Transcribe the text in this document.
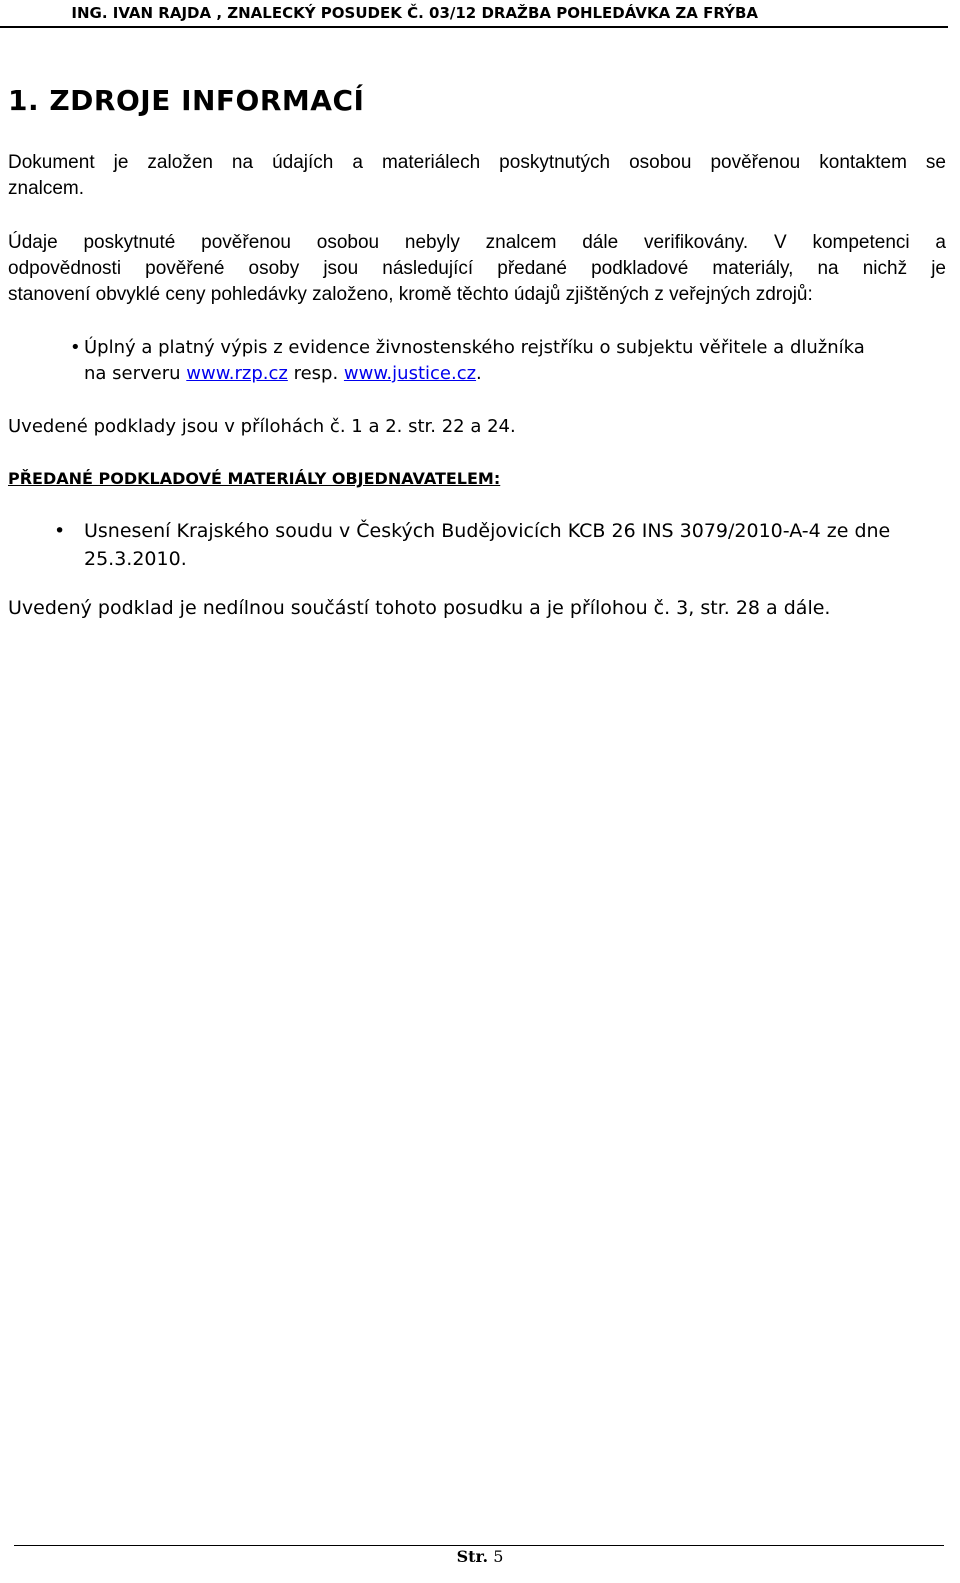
ING. IVAN RAJDA , ZNALECKÝ POSUDEK Č. 03/12 DRAŽBA POHLEDÁVKA ZA FRÝBA
1. ZDROJE INFORMACÍ
Dokument je založen na údajích a materiálech poskytnutých osobou pověřenou kontaktem se
znalcem.
Údaje poskytnuté pověřenou osobou nebyly znalcem dále verifikovány. V kompetenci a
odpovědnosti pověřené osoby jsou následující předané podkladové materiály, na nichž je
stanovení obvyklé ceny pohledávky založeno, kromě těchto údajů zjištěných z veřejných zdrojů:
• Úplný a platný výpis z evidence živnostenského rejstříku o subjektu věřitele a dlužníka
na serveru www.rzp.cz resp. www.justice.cz.
Uvedené podklady jsou v přílohách č. 1 a 2. str. 22 a 24.
PŘEDANÉ PODKLADOVÉ MATERIÁLY OBJEDNAVATELEM:
• Usnesení Krajského soudu v Českých Budějovicích KCB 26 INS 3079/2010-A-4 ze dne
25.3.2010.
Uvedený podklad je nedílnou součástí tohoto posudku a je přílohou č. 3, str. 28 a dále.
Str. 5
